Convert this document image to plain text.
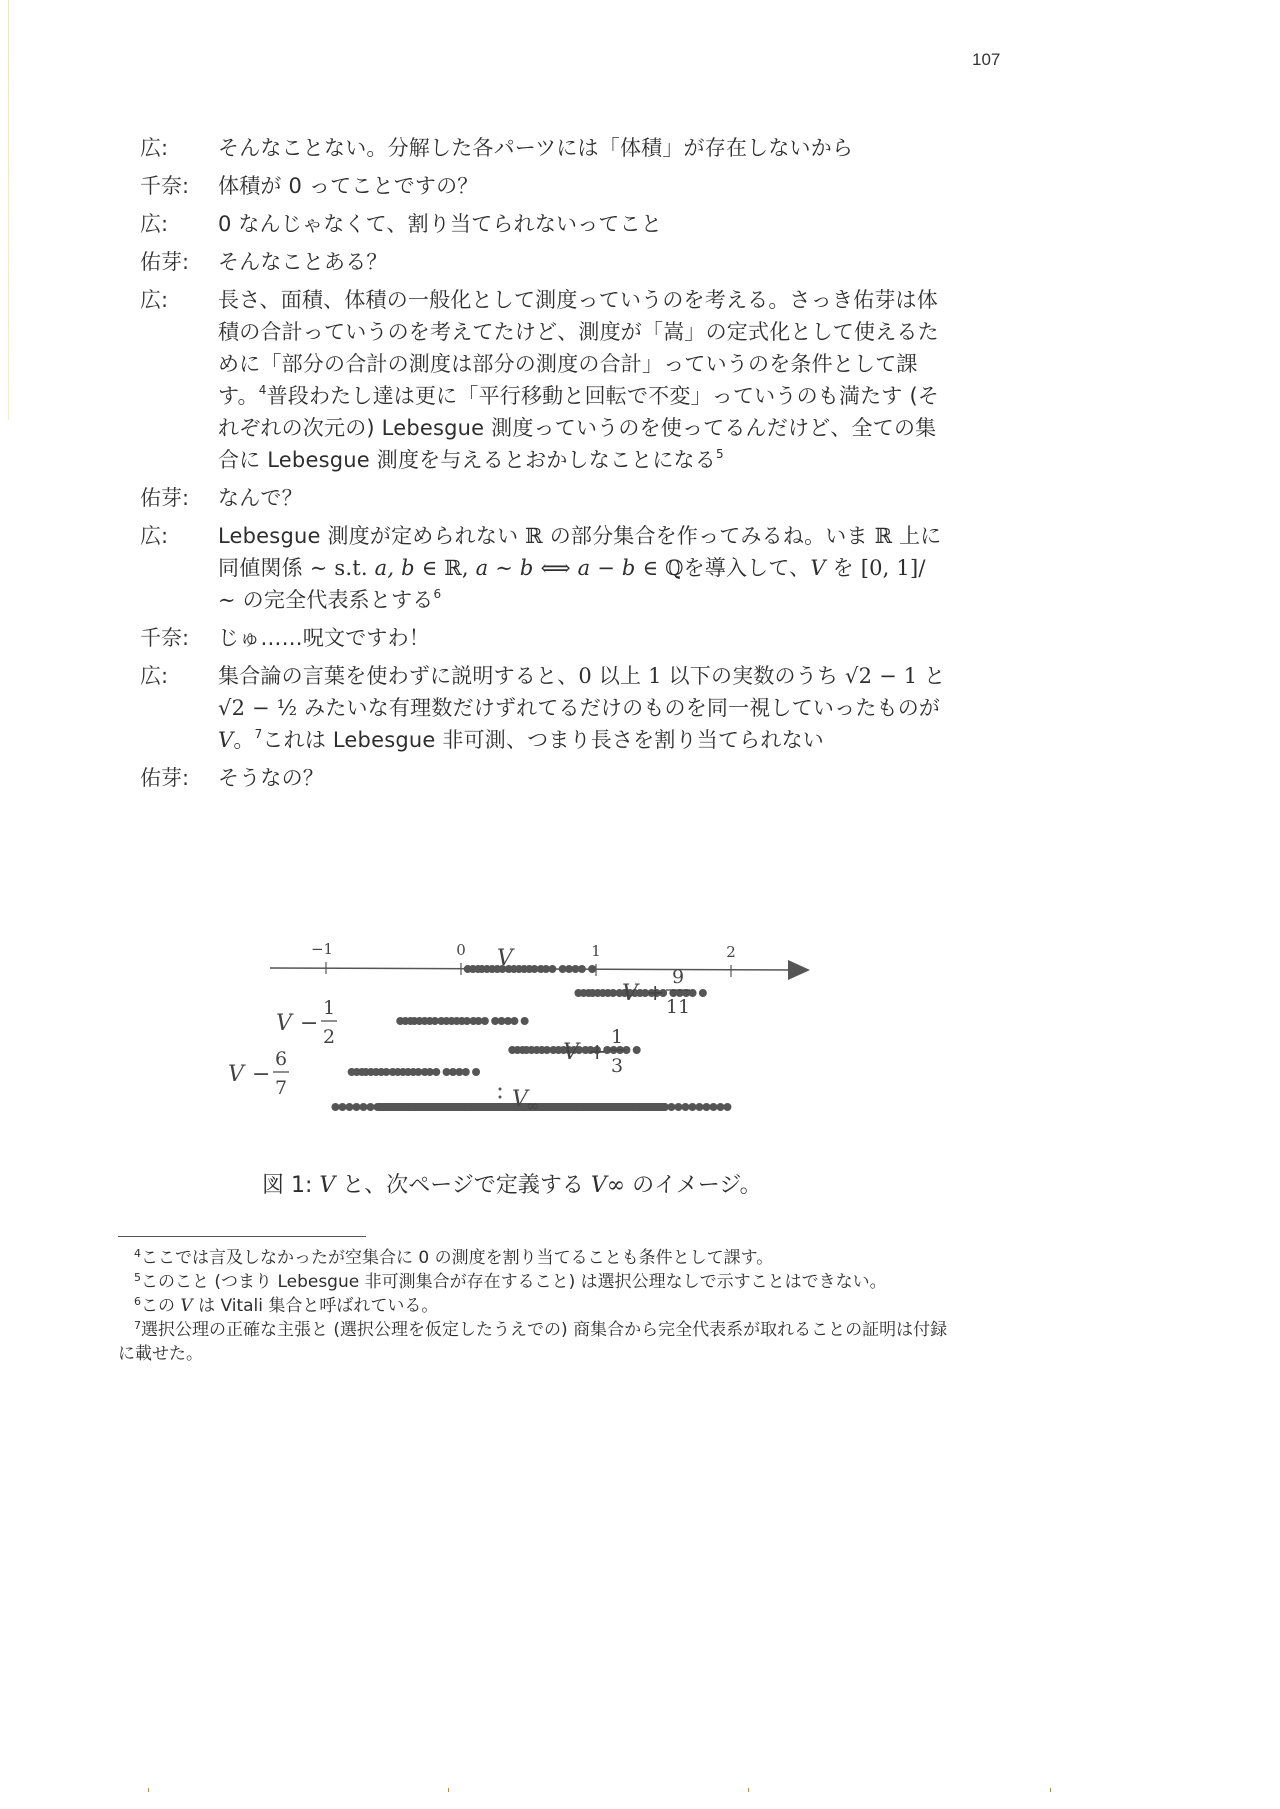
107
広:	そんなことない。分解した各パーツには「体積」が存在しないから
千奈:	体積が 0 ってことですの？
広:	0 なんじゃなくて、割り当てられないってこと
佑芽:	そんなことある？
広:	長さ、面積、体積の一般化として測度っていうのを考える。さっき佑芽は体積の合計っていうのを考えてたけど、測度が「嵩」の定式化として使えるために「部分の合計の測度は部分の測度の合計」っていうのを条件として課す。$^4$普段わたし達は更に「平行移動と回転で不変」っていうのも満たす (それぞれの次元の) Lebesgue 測度っていうのを使ってるんだけど、全ての集合に Lebesgue 測度を与えるとおかしなことになる$^5$
佑芽:	なんで？
広:	Lebesgue 測度が定められない ℝ の部分集合を作ってみるね。いま ℝ 上に同値関係 ∼ s.t. a, b ∈ ℝ, a ∼ b ⟺ a − b ∈ ℚを導入して、V を [0, 1]/ ∼ の完全代表系とする$^6$
千奈:	じゅ……呪文ですわ！
広:	集合論の言葉を使わずに説明すると、0 以上 1 以下の実数のうち √2 − 1 と √2 − ½ みたいな有理数だけずれてるだけのものを同一視していったものが V。$^7$これは Lebesgue 非可測、つまり長さを割り当てられない
佑芽:	そうなの？
−1	0	1	2
V
V +
9
11
V −
1
2
V +
1
3
V −
6
7	V
∞
図 1: V と、次ページで定義する V∞ のイメージ。
$^4$ここでは言及しなかったが空集合に 0 の測度を割り当てることも条件として課す。
$^5$このこと (つまり Lebesgue 非可測集合が存在すること) は選択公理なしで示すことはできない。
$^6$この V は Vitali 集合と呼ばれている。
$^7$選択公理の正確な主張と (選択公理を仮定したうえでの) 商集合から完全代表系が取れることの証明は付録に載せた。
